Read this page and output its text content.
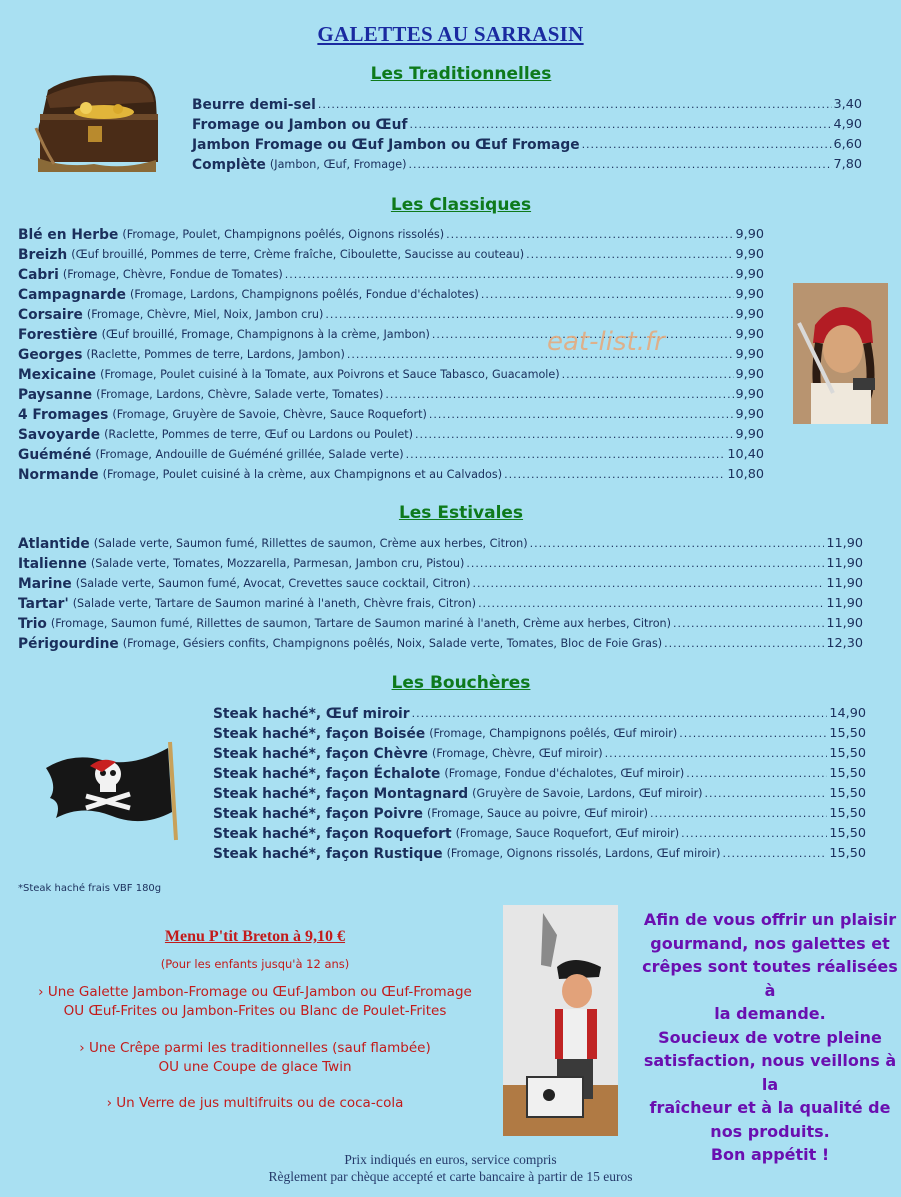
GALETTES AU SARRASIN
Les Traditionnelles
Beurre demi-sel .....	3,40
Fromage ou Jambon ou Œuf .....	4,90
Jambon Fromage ou Œuf Jambon ou Œuf Fromage .....	6,60
Complète (Jambon, Œuf, Fromage) .....	7,80
Les Classiques
Blé en Herbe (Fromage, Poulet, Champignons poêlés, Oignons rissolés) .....	9,90
Breizh (Œuf brouillé, Pommes de terre, Crème fraîche, Ciboulette, Saucisse au couteau) .....	9,90
Cabri (Fromage, Chèvre, Fondue de Tomates) .....	9,90
Campagnarde (Fromage, Lardons, Champignons poêlés, Fondue d'échalotes) .....	9,90
Corsaire (Fromage, Chèvre, Miel, Noix, Jambon cru) .....	9,90
Forestière (Œuf brouillé, Fromage, Champignons à la crème, Jambon) .....	9,90
Georges (Raclette, Pommes de terre, Lardons, Jambon) .....	9,90
Mexicaine (Fromage, Poulet cuisiné à la Tomate, aux Poivrons et Sauce Tabasco, Guacamole) .....	9,90
Paysanne (Fromage, Lardons, Chèvre, Salade verte, Tomates) .....	9,90
4 Fromages (Fromage, Gruyère de Savoie, Chèvre, Sauce Roquefort) .....	9,90
Savoyarde (Raclette, Pommes de terre, Œuf ou Lardons ou Poulet) .....	9,90
Guéméné (Fromage, Andouille de Guéméné grillée, Salade verte) .....	10,40
Normande (Fromage, Poulet cuisiné à la crème, aux Champignons et au Calvados) .....	10,80
eat-list.fr
Les Estivales
Atlantide (Salade verte, Saumon fumé, Rillettes de saumon, Crème aux herbes, Citron) .....	11,90
Italienne (Salade verte, Tomates, Mozzarella, Parmesan, Jambon cru, Pistou) .....	11,90
Marine (Salade verte, Saumon fumé, Avocat, Crevettes sauce cocktail, Citron) .....	11,90
Tartar' (Salade verte, Tartare de Saumon mariné à l'aneth, Chèvre frais, Citron) .....	11,90
Trio (Fromage, Saumon fumé, Rillettes de saumon, Tartare de Saumon mariné à l'aneth, Crème aux herbes, Citron) .....	11,90
Périgourdine (Fromage, Gésiers confits, Champignons poêlés, Noix, Salade verte, Tomates, Bloc de Foie Gras) .....	12,30
Les Bouchères
Steak haché*, Œuf miroir .....	14,90
Steak haché*, façon Boisée (Fromage, Champignons poêlés, Œuf miroir) .....	15,50
Steak haché*, façon Chèvre (Fromage, Chèvre, Œuf miroir) .....	15,50
Steak haché*, façon Échalote (Fromage, Fondue d'échalotes, Œuf miroir) .....	15,50
Steak haché*, façon Montagnard (Gruyère de Savoie, Lardons, Œuf miroir) .....	15,50
Steak haché*, façon Poivre (Fromage, Sauce au poivre, Œuf miroir) .....	15,50
Steak haché*, façon Roquefort (Fromage, Sauce Roquefort, Œuf miroir) .....	15,50
Steak haché*, façon Rustique (Fromage, Oignons rissolés, Lardons, Œuf miroir) .....	15,50
*Steak haché frais VBF 180g
Menu P'tit Breton à 9,10 €
(Pour les enfants jusqu'à 12 ans)
› Une Galette Jambon-Fromage ou Œuf-Jambon ou Œuf-Fromage
OU Œuf-Frites ou Jambon-Frites ou Blanc de Poulet-Frites
› Une Crêpe parmi les traditionnelles (sauf flambée)
OU une Coupe de glace Twin
› Un Verre de jus multifruits ou de coca-cola
Afin de vous offrir un plaisir
gourmand, nos galettes et
crêpes sont toutes réalisées à
la demande.
Soucieux de votre pleine
satisfaction, nous veillons à la
fraîcheur et à la qualité de
nos produits.
Bon appétit !
Prix indiqués en euros, service compris
Règlement par chèque accepté et carte bancaire à partir de 15 euros
